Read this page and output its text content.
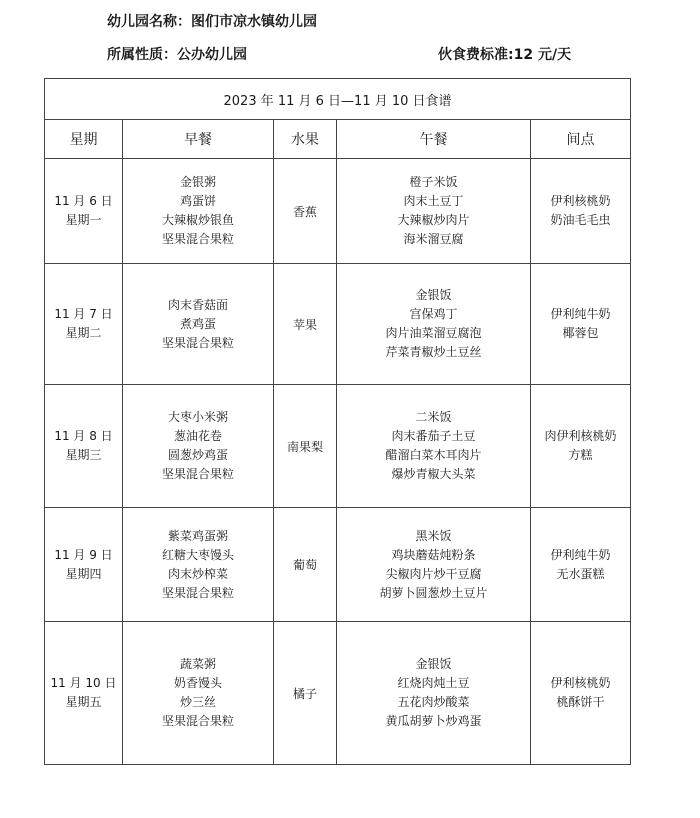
幼儿园名称：图们市凉水镇幼儿园
所属性质：公办幼儿园	伙食费标准:12 元/天
2023 年 11 月 6 日—11 月 10 日食谱				
星期	早餐	水果	午餐	间点

11 月 6 日
星期一	金银粥
鸡蛋饼
大辣椒炒银鱼
坚果混合果粒	香蕉	橙子米饭
肉末土豆丁
大辣椒炒肉片
海米溜豆腐	伊利核桃奶
奶油毛毛虫

11 月 7 日
星期二	肉末香菇面
煮鸡蛋
坚果混合果粒	苹果	金银饭
宫保鸡丁
肉片油菜溜豆腐泡
芹菜青椒炒土豆丝	伊利纯牛奶
椰蓉包

11 月 8 日
星期三	大枣小米粥
葱油花卷
圆葱炒鸡蛋
坚果混合果粒	南果梨	二米饭
肉末番茄子土豆
醋溜白菜木耳肉片
爆炒青椒大头菜	肉伊利核桃奶
方糕

11 月 9 日
星期四	紫菜鸡蛋粥
红糖大枣馒头
肉末炒榨菜
坚果混合果粒	葡萄	黑米饭
鸡块蘑菇炖粉条
尖椒肉片炒干豆腐
胡萝卜圆葱炒土豆片	伊利纯牛奶
无水蛋糕

11 月 10 日
星期五	蔬菜粥
奶香馒头
炒三丝
坚果混合果粒	橘子	金银饭
红烧肉炖土豆
五花肉炒酸菜
黄瓜胡萝卜炒鸡蛋	伊利核桃奶
桃酥饼干
